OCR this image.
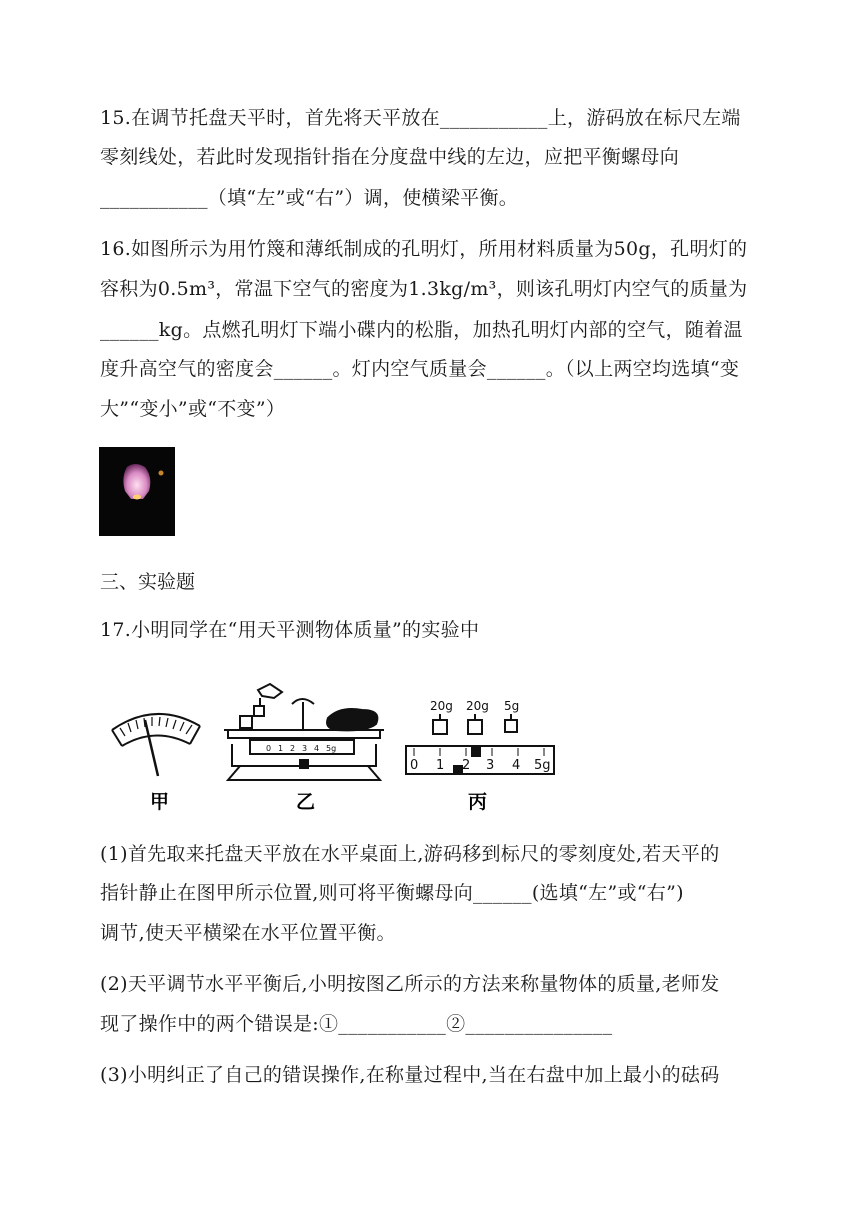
15.在调节托盘天平时，首先将天平放在___________上，游码放在标尺左端
零刻线处，若此时发现指针指在分度盘中线的左边，应把平衡螺母向
___________（填“左”或“右”）调，使横梁平衡。
16.如图所示为用竹篾和薄纸制成的孔明灯，所用材料质量为50g，孔明灯的
容积为0.5m³，常温下空气的密度为1.3kg/m³，则该孔明灯内空气的质量为
______kg。点燃孔明灯下端小碟内的松脂，加热孔明灯内部的空气，随着温
度升高空气的密度会______。灯内空气质量会______。（以上两空均选填“变
大”“变小”或“不变”）
三、实验题
17.小明同学在“用天平测物体质量”的实验中
0 1 2 3 4 5g
20g 20g 5g
0 1 2 3 4 5g
甲	乙	丙
(1)首先取来托盘天平放在水平桌面上,游码移到标尺的零刻度处,若天平的
指针静止在图甲所示位置,则可将平衡螺母向______(选填“左”或“右”)
调节,使天平横梁在水平位置平衡。
(2)天平调节水平平衡后,小明按图乙所示的方法来称量物体的质量,老师发
现了操作中的两个错误是:①___________②_______________
(3)小明纠正了自己的错误操作,在称量过程中,当在右盘中加上最小的砝码
